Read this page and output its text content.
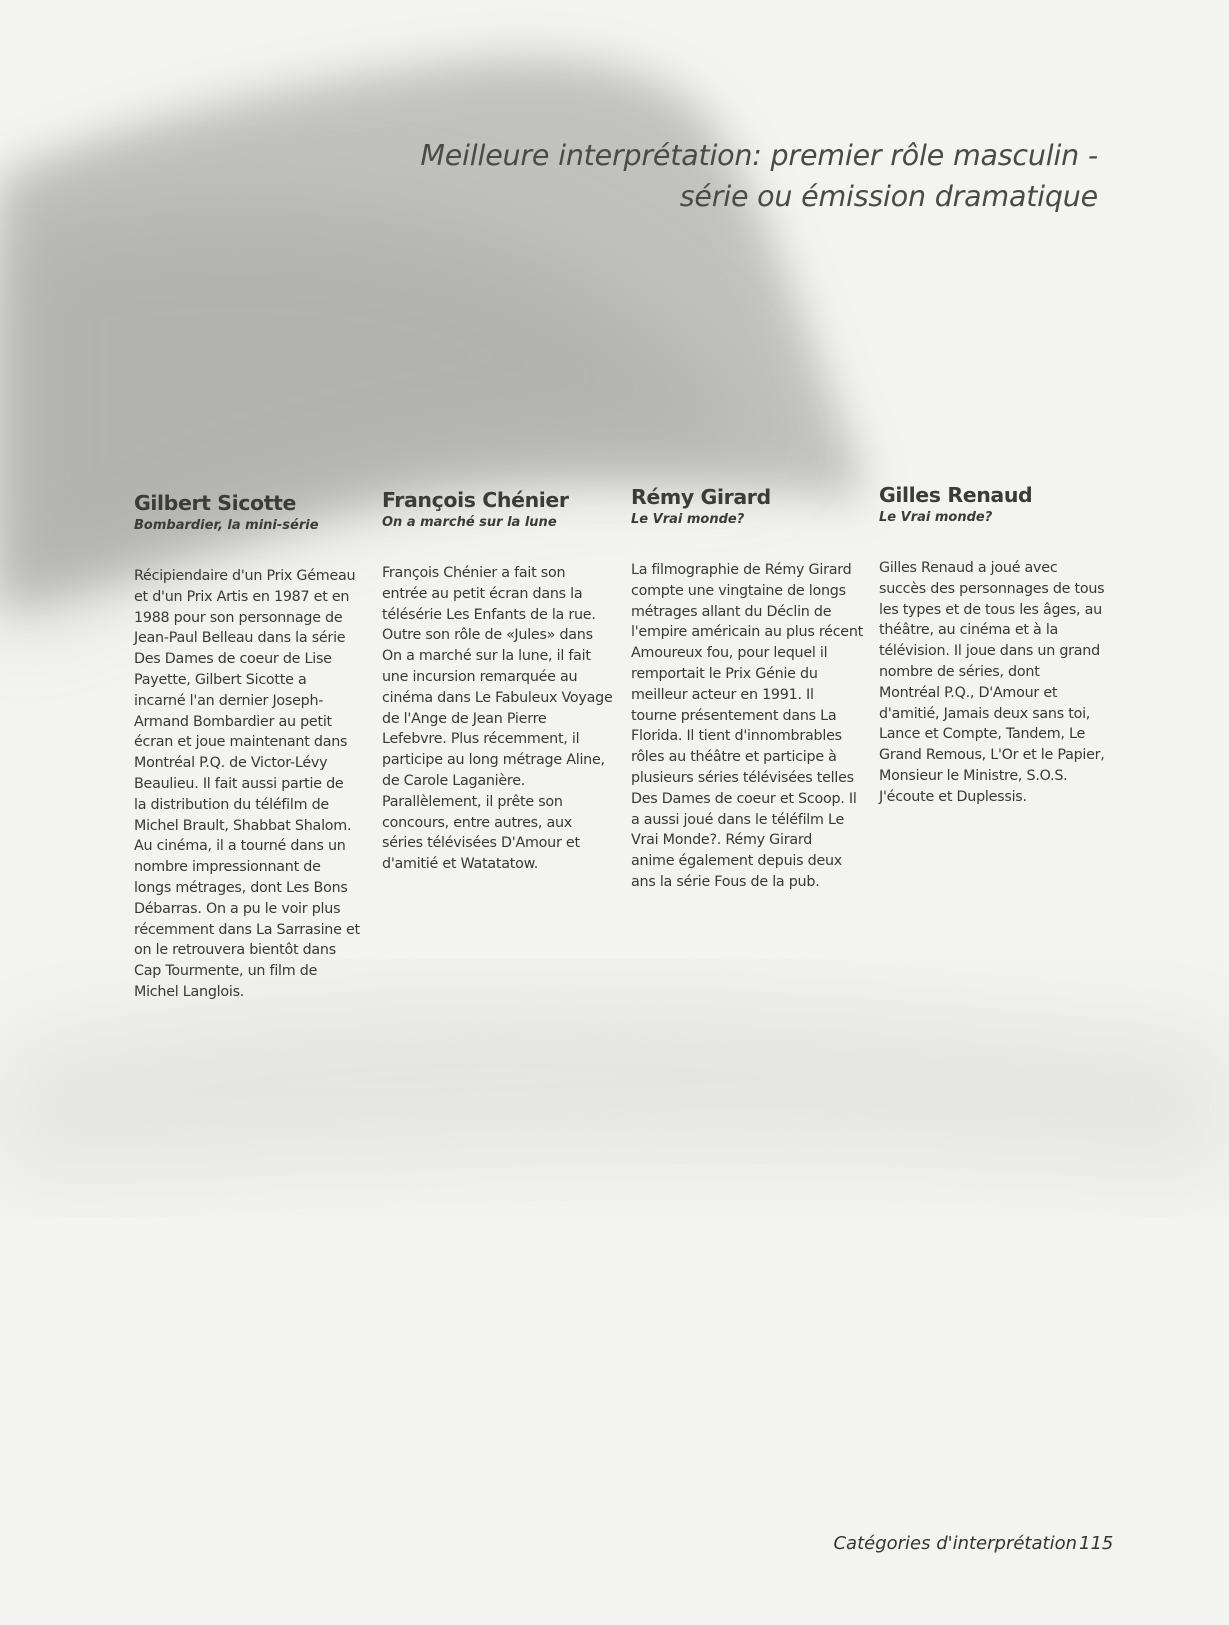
Meilleure interprétation: premier rôle masculin -
série ou émission dramatique
Gilbert Sicotte

Bombardier, la mini-série

Récipiendaire d'un Prix Gémeau
et d'un Prix Artis en 1987 et en
1988 pour son personnage de
Jean-Paul Belleau dans la série
Des Dames de coeur de Lise
Payette, Gilbert Sicotte a
incarné l'an dernier Joseph-
Armand Bombardier au petit
écran et joue maintenant dans
Montréal P.Q. de Victor-Lévy
Beaulieu. Il fait aussi partie de
la distribution du téléfilm de
Michel Brault, Shabbat Shalom.
Au cinéma, il a tourné dans un
nombre impressionnant de
longs métrages, dont Les Bons
Débarras. On a pu le voir plus
récemment dans La Sarrasine et
on le retrouvera bientôt dans
Cap Tourmente, un film de
Michel Langlois.
François Chénier

On a marché sur la lune

François Chénier a fait son
entrée au petit écran dans la
télésérie Les Enfants de la rue.
Outre son rôle de «Jules» dans
On a marché sur la lune, il fait
une incursion remarquée au
cinéma dans Le Fabuleux Voyage
de l'Ange de Jean Pierre
Lefebvre. Plus récemment, il
participe au long métrage Aline,
de Carole Laganière.
Parallèlement, il prête son
concours, entre autres, aux
séries télévisées D'Amour et
d'amitié et Watatatow.
Rémy Girard

Le Vrai monde?

La filmographie de Rémy Girard
compte une vingtaine de longs
métrages allant du Déclin de
l'empire américain au plus récent
Amoureux fou, pour lequel il
remportait le Prix Génie du
meilleur acteur en 1991. Il
tourne présentement dans La
Florida. Il tient d'innombrables
rôles au théâtre et participe à
plusieurs séries télévisées telles
Des Dames de coeur et Scoop. Il
a aussi joué dans le téléfilm Le
Vrai Monde?. Rémy Girard
anime également depuis deux
ans la série Fous de la pub.
Gilles Renaud

Le Vrai monde?

Gilles Renaud a joué avec
succès des personnages de tous
les types et de tous les âges, au
théâtre, au cinéma et à la
télévision. Il joue dans un grand
nombre de séries, dont
Montréal P.Q., D'Amour et
d'amitié, Jamais deux sans toi,
Lance et Compte, Tandem, Le
Grand Remous, L'Or et le Papier,
Monsieur le Ministre, S.O.S.
J'écoute et Duplessis.

Catégories d'interprétation 115
